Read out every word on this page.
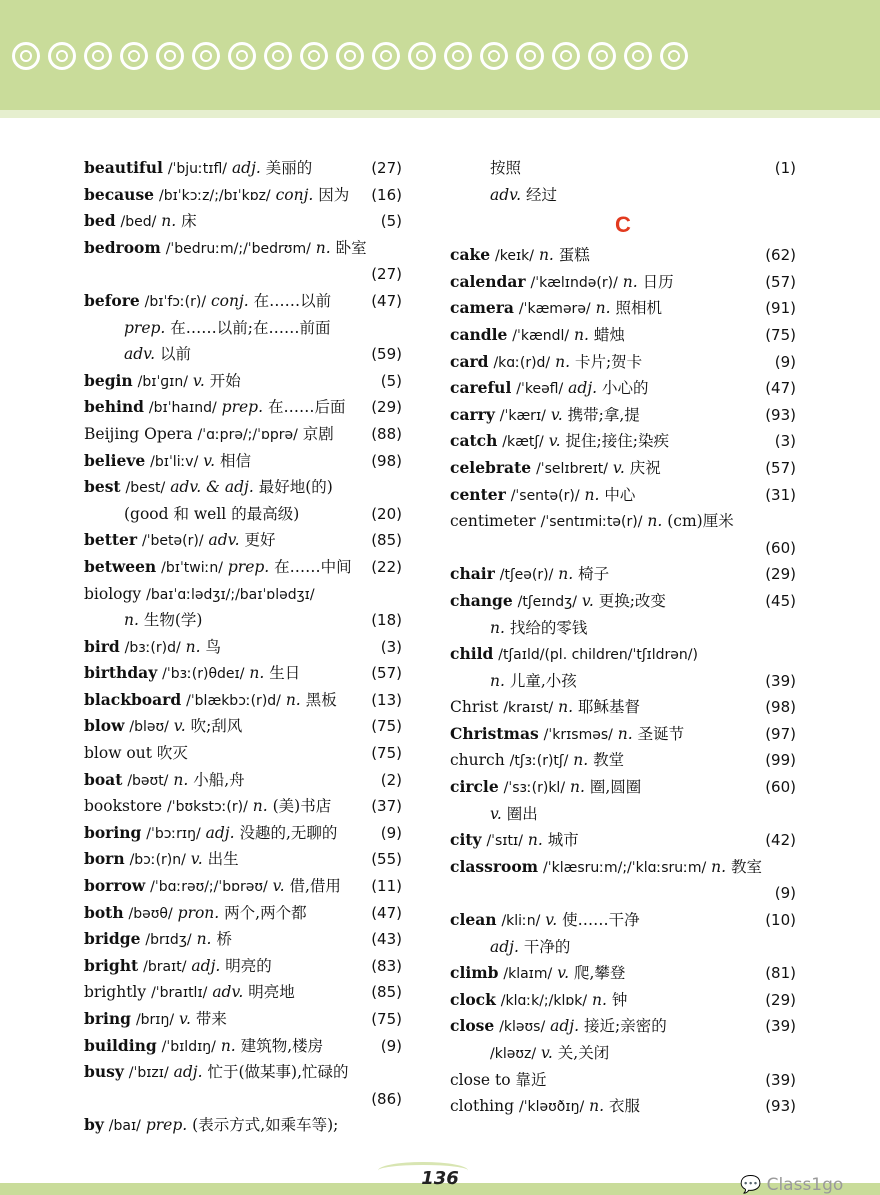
beautiful /ˈbjuːtɪfl/ adj. 美丽的	(27)
because /bɪˈkɔːz/;/bɪˈkɒz/ conj. 因为 (16)
bed /bed/ n. 床	(5)
bedroom /ˈbedruːm/;/ˈbedrʊm/ n. 卧室
(27)
before /bɪˈfɔː(r)/ conj. 在……以前	(47)
prep. 在……以前;在……前面
adv. 以前	(59)
begin /bɪˈɡɪn/ v. 开始	(5)
behind /bɪˈhaɪnd/ prep. 在……后面 (29)
Beijing Opera /ˈɑːprə/;/ˈɒprə/ 京剧 (88)
believe /bɪˈliːv/ v. 相信	(98)
best /best/ adv. & adj. 最好地(的)
(good 和 well 的最高级)	(20)
better /ˈbetə(r)/ adv. 更好	(85)
between /bɪˈtwiːn/ prep. 在……中间 (22)
biology /baɪˈɑːlədʒɪ/;/baɪˈɒlədʒɪ/
n. 生物(学)	(18)
bird /bɜː(r)d/ n. 鸟	(3)
birthday /ˈbɜː(r)θdeɪ/ n. 生日	(57)
blackboard /ˈblækbɔː(r)d/ n. 黑板 (13)
blow /bləʊ/ v. 吹;刮风	(75)
blow out 吹灭	(75)
boat /bəʊt/ n. 小船,舟	(2)
bookstore /ˈbʊkstɔː(r)/ n. (美)书店	(37)
boring /ˈbɔːrɪŋ/ adj. 没趣的,无聊的	(9)
born /bɔː(r)n/ v. 出生	(55)
borrow /ˈbɑːrəʊ/;/ˈbɒrəʊ/ v. 借,借用 (11)
both /bəʊθ/ pron. 两个,两个都	(47)
bridge /brɪdʒ/ n. 桥	(43)
bright /braɪt/ adj. 明亮的	(83)
brightly /ˈbraɪtlɪ/ adv. 明亮地	(85)
bring /brɪŋ/ v. 带来	(75)
building /ˈbɪldɪŋ/ n. 建筑物,楼房	(9)
busy /ˈbɪzɪ/ adj. 忙于(做某事),忙碌的
(86)
by /baɪ/ prep. (表示方式,如乘车等);
按照	(1)
adv. 经过
C
cake /keɪk/ n. 蛋糕	(62)
calendar /ˈkælɪndə(r)/ n. 日历	(57)
camera /ˈkæmərə/ n. 照相机	(91)
candle /ˈkændl/ n. 蜡烛	(75)
card /kɑː(r)d/ n. 卡片;贺卡	(9)
careful /ˈkeəfl/ adj. 小心的	(47)
carry /ˈkærɪ/ v. 携带;拿,提	(93)
catch /kætʃ/ v. 捉住;接住;染疾	(3)
celebrate /ˈselɪbreɪt/ v. 庆祝	(57)
center /ˈsentə(r)/ n. 中心	(31)
centimeter /ˈsentɪmiːtə(r)/ n. (cm)厘米
(60)
chair /tʃeə(r)/ n. 椅子	(29)
change /tʃeɪndʒ/ v. 更换;改变	(45)
n. 找给的零钱
child /tʃaɪld/(pl. children/ˈtʃɪldrən/)
n. 儿童,小孩	(39)
Christ /kraɪst/ n. 耶稣基督	(98)
Christmas /ˈkrɪsməs/ n. 圣诞节	(97)
church /tʃɜː(r)tʃ/ n. 教堂	(99)
circle /ˈsɜː(r)kl/ n. 圈,圆圈	(60)
v. 圈出
city /ˈsɪtɪ/ n. 城市	(42)
classroom /ˈklæsruːm/;/ˈklɑːsruːm/ n. 教室
(9)
clean /kliːn/ v. 使……干净	(10)
adj. 干净的
climb /klaɪm/ v. 爬,攀登	(81)
clock /klɑːk/;/klɒk/ n. 钟	(29)
close /kləʊs/ adj. 接近;亲密的	(39)
/kləʊz/ v. 关,关闭
close to 靠近	(39)
clothing /ˈkləʊðɪŋ/ n. 衣服	(93)
136	💬 Class1go
